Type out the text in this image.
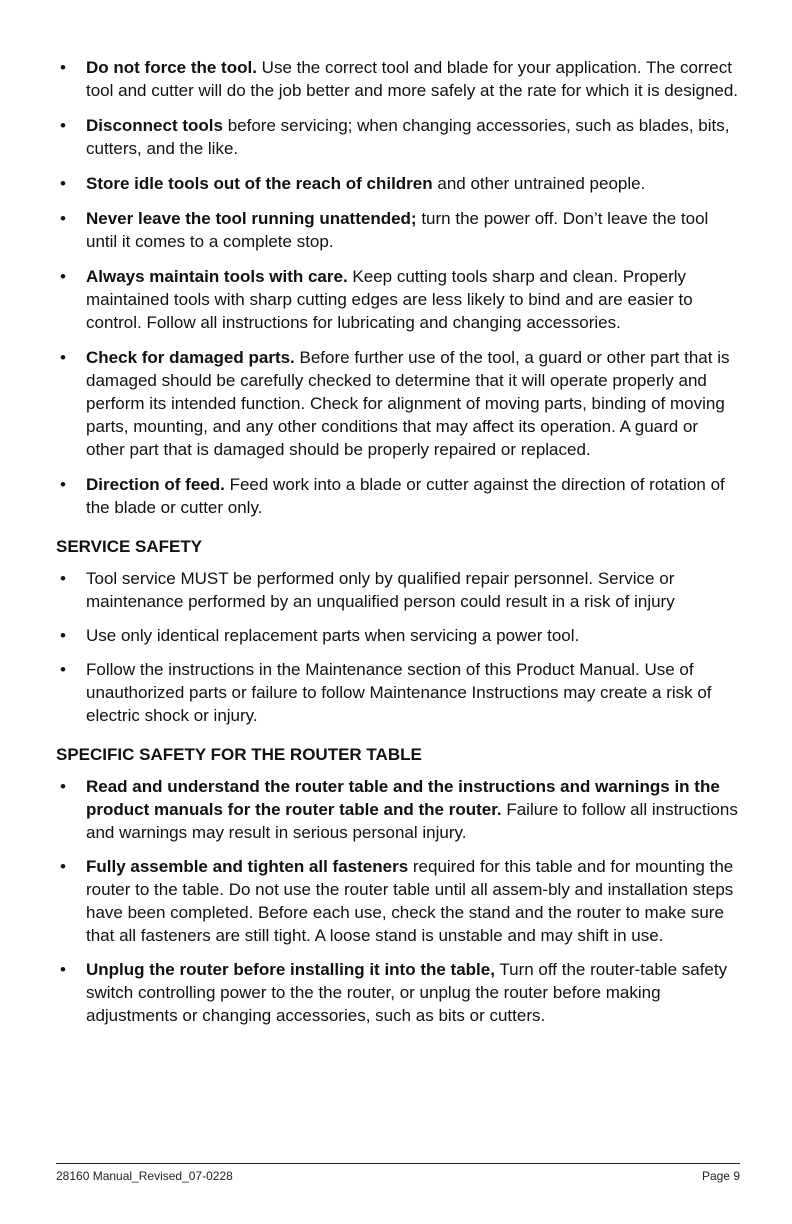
• Do not force the tool. Use the correct tool and blade for your application. The correct tool and cutter will do the job better and more safely at the rate for which it is designed.
• Disconnect tools before servicing; when changing accessories, such as blades, bits, cutters, and the like.
• Store idle tools out of the reach of children and other untrained people.
• Never leave the tool running unattended; turn the power off. Don’t leave the tool until it comes to a complete stop.
• Always maintain tools with care. Keep cutting tools sharp and clean. Properly maintained tools with sharp cutting edges are less likely to bind and are easier to control. Follow all instructions for lubricating and changing accessories.
• Check for damaged parts. Before further use of the tool, a guard or other part that is damaged should be carefully checked to determine that it will operate properly and perform its intended function. Check for alignment of moving parts, binding of moving parts, mounting, and any other conditions that may affect its operation. A guard or other part that is damaged should be properly repaired or replaced.
• Direction of feed. Feed work into a blade or cutter against the direction of rotation of the blade or cutter only.
SERVICE SAFETY
• Tool service MUST be performed only by qualified repair personnel. Service or maintenance performed by an unqualified person could result in a risk of injury
• Use only identical replacement parts when servicing a power tool.
• Follow the instructions in the Maintenance section of this Product Manual. Use of unauthorized parts or failure to follow Maintenance Instructions may create a risk of electric shock or injury.
SPECIFIC SAFETY FOR THE ROUTER TABLE
• Read and understand the router table and the instructions and warnings in the product manuals for the router table and the router. Failure to follow all instructions and warnings may result in serious personal injury.
• Fully assemble and tighten all fasteners required for this table and for mounting the router to the table. Do not use the router table until all assem-bly and installation steps have been completed. Before each use, check the stand and the router to make sure that all fasteners are still tight. A loose stand is unstable and may shift in use.
• Unplug the router before installing it into the table, Turn off the router-table safety switch controlling power to the the router, or unplug the router before making adjustments or changing accessories, such as bits or cutters.
28160 Manual_Revised_07-0228	Page 9
